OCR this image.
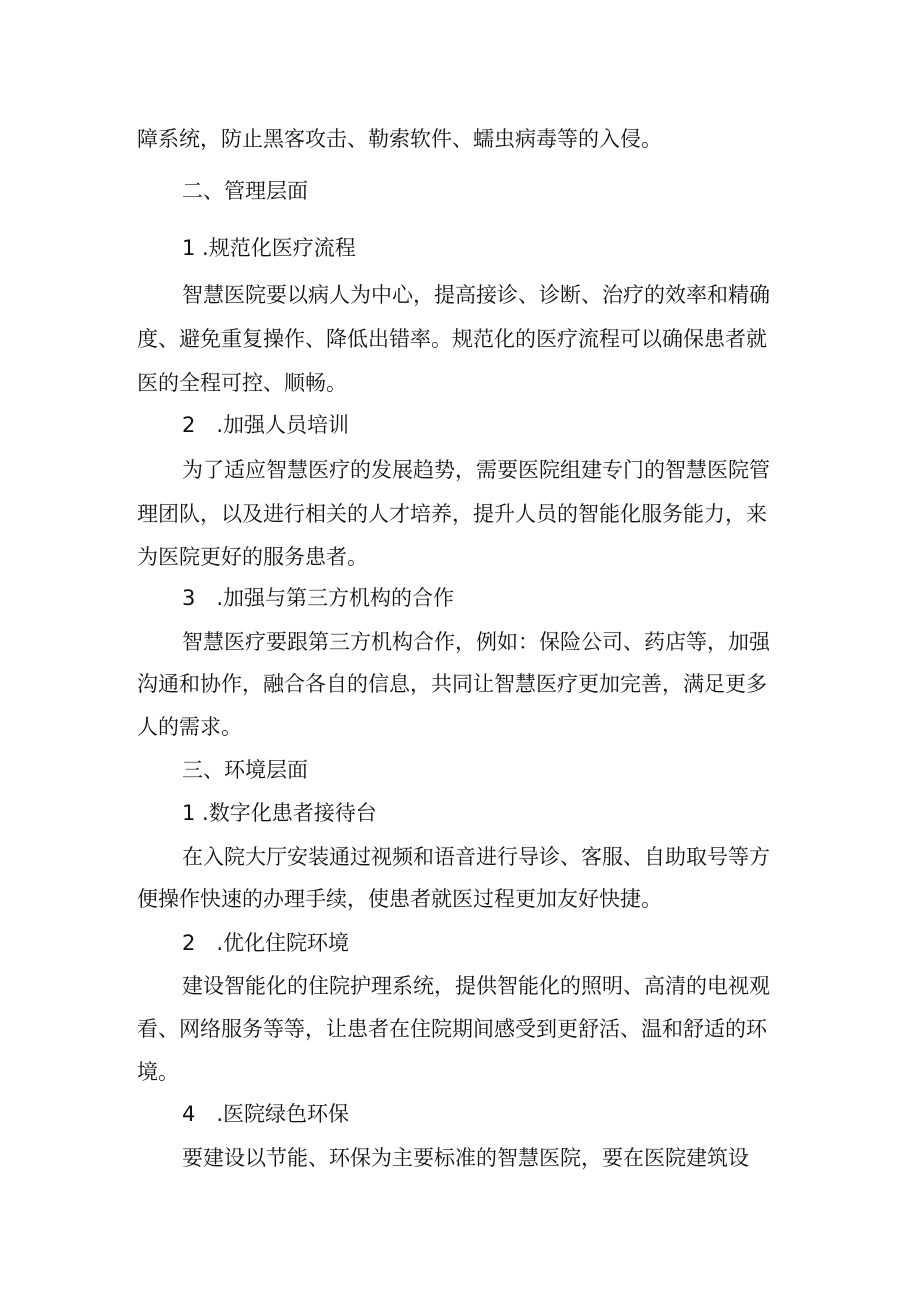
障系统，防止黑客攻击、勒索软件、蠕虫病毒等的入侵。

二、管理层面

1 .规范化医疗流程

智慧医院要以病人为中心，提高接诊、诊断、治疗的效率和精确

度、避免重复操作、降低出错率。规范化的医疗流程可以确保患者就

医的全程可控、顺畅。

2　.加强人员培训

为了适应智慧医疗的发展趋势，需要医院组建专门的智慧医院管

理团队，以及进行相关的人才培养，提升人员的智能化服务能力，来

为医院更好的服务患者。

3　.加强与第三方机构的合作

智慧医疗要跟第三方机构合作，例如：保险公司、药店等，加强

沟通和协作，融合各自的信息，共同让智慧医疗更加完善，满足更多

人的需求。

三、环境层面

1 .数字化患者接待台

在入院大厅安装通过视频和语音进行导诊、客服、自助取号等方

便操作快速的办理手续，使患者就医过程更加友好快捷。

2　.优化住院环境

建设智能化的住院护理系统，提供智能化的照明、高清的电视观

看、网络服务等等，让患者在住院期间感受到更舒活、温和舒适的环

境。

4　.医院绿色环保

要建设以节能、环保为主要标准的智慧医院，要在医院建筑设
